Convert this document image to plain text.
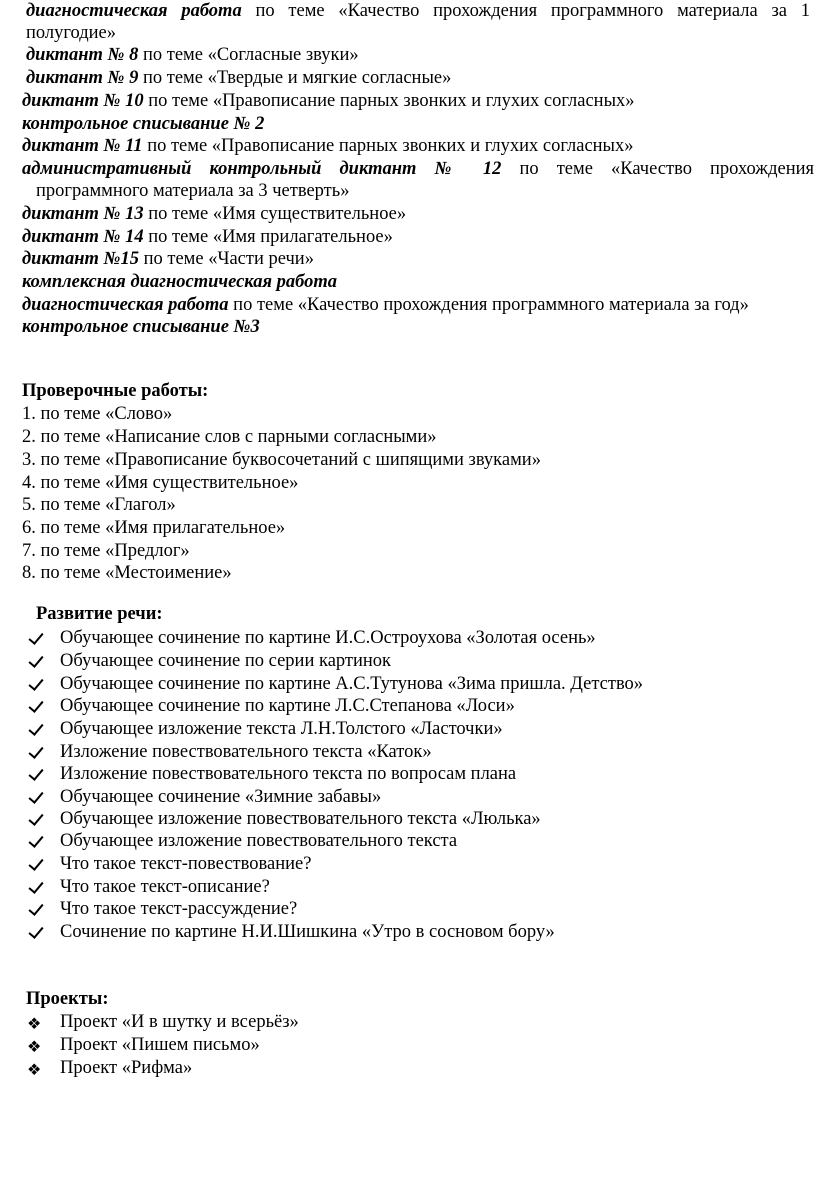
диагностическая работа по теме «Качество прохождения программного материала за 1
полугодие»
диктант № 8 по теме «Согласные звуки»
диктант № 9 по теме «Твердые и мягкие согласные»
диктант № 10 по теме «Правописание парных звонких и глухих согласных»
контрольное списывание № 2
диктант № 11 по теме «Правописание парных звонких и глухих согласных»
административный контрольный диктант № 12 по теме «Качество прохождения
программного материала за 3 четверть»
диктант № 13 по теме «Имя существительное»
диктант № 14 по теме «Имя прилагательное»
диктант №15 по теме «Части речи»
комплексная диагностическая работа
диагностическая работа по теме «Качество прохождения программного материала за год»
контрольное списывание №3
Проверочные работы:
1. по теме «Слово»
2. по теме «Написание слов с парными согласными»
3. по теме «Правописание буквосочетаний с шипящими звуками»
4. по теме «Имя существительное»
5. по теме «Глагол»
6. по теме «Имя прилагательное»
7. по теме «Предлог»
8. по теме «Местоимение»
Развитие речи:
Обучающее сочинение по картине И.С.Остроухова «Золотая осень»
Обучающее сочинение по серии картинок
Обучающее сочинение по картине А.С.Тутунова «Зима пришла. Детство»
Обучающее сочинение по картине Л.С.Степанова «Лоси»
Обучающее изложение текста Л.Н.Толстого «Ласточки»
Изложение повествовательного текста «Каток»
Изложение повествовательного текста по вопросам плана
Обучающее сочинение «Зимние забавы»
Обучающее изложение повествовательного текста «Люлька»
Обучающее изложение повествовательного текста
Что такое текст-повествование?
Что такое текст-описание?
Что такое текст-рассуждение?
Сочинение по картине Н.И.Шишкина «Утро в сосновом бору»
Проекты:
❖ Проект «И в шутку и всерьёз»
❖ Проект «Пишем письмо»
❖ Проект «Рифма»
